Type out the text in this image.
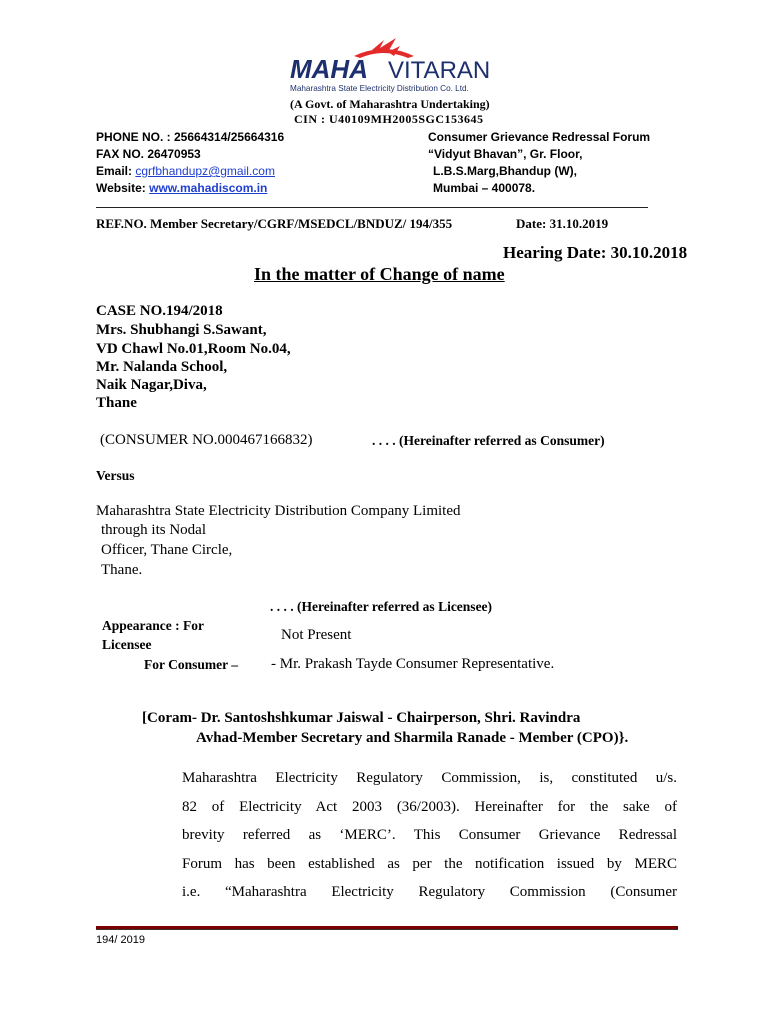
MAHA VITARAN
Maharashtra State Electricity Distribution Co. Ltd.
(A Govt. of Maharashtra Undertaking)
CIN : U40109MH2005SGC153645
PHONE NO. : 25664314/25664316
FAX NO. 26470953
Email: cgrfbhandupz@gmail.com
Website: www.mahadiscom.in
Consumer Grievance Redressal Forum
“Vidyut Bhavan”, Gr. Floor,
L.B.S.Marg,Bhandup (W),
Mumbai – 400078.
REF.NO. Member Secretary/CGRF/MSEDCL/BNDUZ/ 194/355	Date: 31.10.2019
Hearing Date: 30.10.2018
In the matter of Change of name
CASE NO.194/2018
Mrs. Shubhangi S.Sawant,
VD Chawl No.01,Room No.04,
Mr. Nalanda School,
Naik Nagar,Diva,
Thane
(CONSUMER NO.000467166832)	. . . . (Hereinafter referred as Consumer)
Versus
Maharashtra State Electricity Distribution Company Limited
through its Nodal
Officer, Thane Circle,
Thane.
. . . . (Hereinafter referred as Licensee)
Appearance : For
Licensee
Not Present
For Consumer – - Mr. Prakash Tayde Consumer Representative.
[Coram- Dr. Santoshshkumar Jaiswal - Chairperson, Shri. Ravindra
Avhad-Member Secretary and Sharmila Ranade - Member (CPO)}.
Maharashtra Electricity Regulatory Commission, is, constituted u/s.
82 of Electricity Act 2003 (36/2003). Hereinafter for the sake of
brevity referred as ‘MERC’. This Consumer Grievance Redressal
Forum has been established as per the notification issued by MERC
i.e. “Maharashtra Electricity Regulatory Commission (Consumer
194/ 2019
